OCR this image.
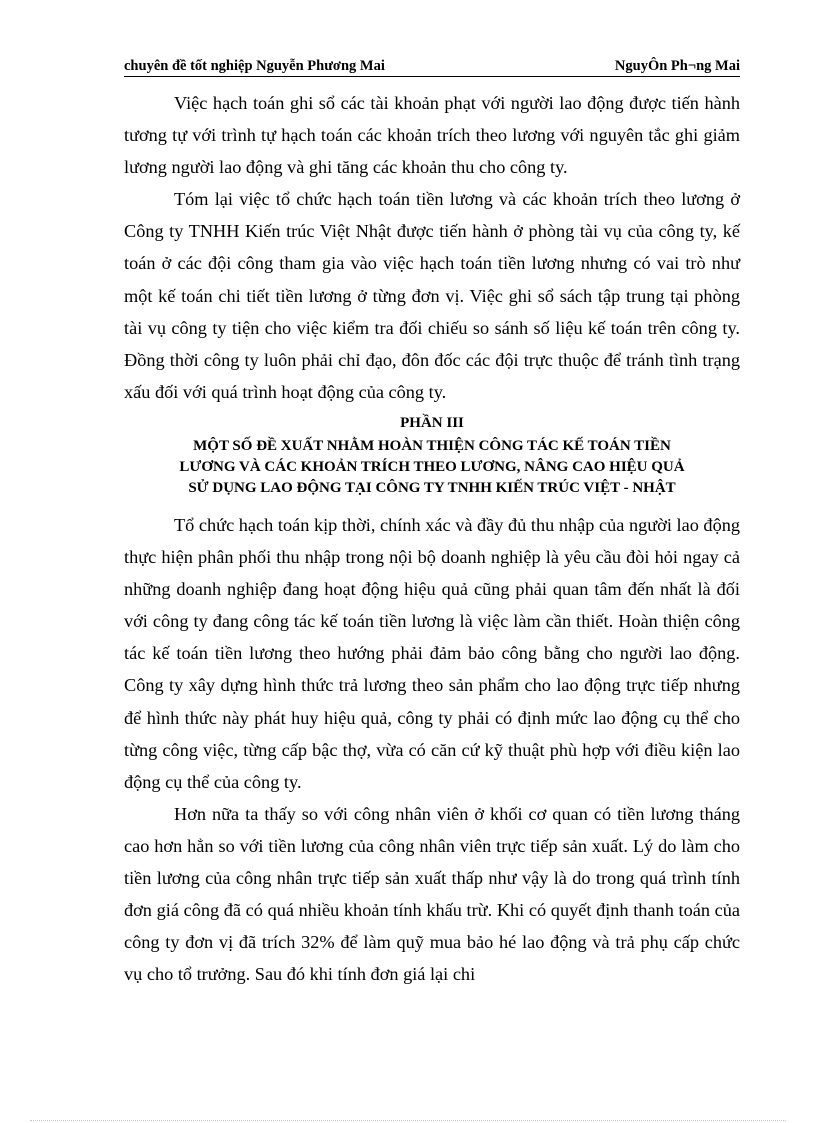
chuyên đề tốt nghiệp Nguyễn Phương Mai	NguyÔn Ph¬ng Mai

Việc hạch toán ghi sổ các tài khoản phạt với người lao động được tiến hành tương tự với trình tự hạch toán các khoản trích theo lương với nguyên tắc ghi giảm lương người lao động và ghi tăng các khoản thu cho công ty.

Tóm lại việc tổ chức hạch toán tiền lương và các khoản trích theo lương ở Công ty TNHH Kiến trúc Việt Nhật được tiến hành ở phòng tài vụ của công ty, kế toán ở các đội công tham gia vào việc hạch toán tiền lương nhưng có vai trò như một kế toán chi tiết tiền lương ở từng đơn vị. Việc ghi sổ sách tập trung tại phòng tài vụ công ty tiện cho việc kiểm tra đối chiếu so sánh số liệu kế toán trên công ty. Đồng thời công ty luôn phải chỉ đạo, đôn đốc các đội trực thuộc để tránh tình trạng xấu đối với quá trình hoạt động của công ty.

PHẦN III
MỘT SỐ ĐỀ XUẤT NHẰM HOÀN THIỆN CÔNG TÁC KẾ TOÁN TIỀN
LƯƠNG VÀ CÁC KHOẢN TRÍCH THEO LƯƠNG, NÂNG CAO HIỆU QUẢ
SỬ DỤNG LAO ĐỘNG TẠI CÔNG TY TNHH KIẾN TRÚC VIỆT - NHẬT

Tổ chức hạch toán kịp thời, chính xác và đầy đủ thu nhập của người lao động thực hiện phân phối thu nhập trong nội bộ doanh nghiệp là yêu cầu đòi hỏi ngay cả những doanh nghiệp đang hoạt động hiệu quả cũng phải quan tâm đến nhất là đối với công ty đang công tác kế toán tiền lương là việc làm cần thiết. Hoàn thiện công tác kế toán tiền lương theo hướng phải đảm bảo công bằng cho người lao động. Công ty xây dựng hình thức trả lương theo sản phẩm cho lao động trực tiếp nhưng để hình thức này phát huy hiệu quả, công ty phải có định mức lao động cụ thể cho từng công việc, từng cấp bậc thợ, vừa có căn cứ kỹ thuật phù hợp với điều kiện lao động cụ thể của công ty.

Hơn nữa ta thấy so với công nhân viên ở khối cơ quan có tiền lương tháng cao hơn hẳn so với tiền lương của công nhân viên trực tiếp sản xuất. Lý do làm cho tiền lương của công nhân trực tiếp sản xuất thấp như vậy là do trong quá trình tính đơn giá công đã có quá nhiều khoản tính khấu trừ. Khi có quyết định thanh toán của công ty đơn vị đã trích 32% để làm quỹ mua bảo hé lao động và trả phụ cấp chức vụ cho tổ trưởng. Sau đó khi tính đơn giá lại chi
